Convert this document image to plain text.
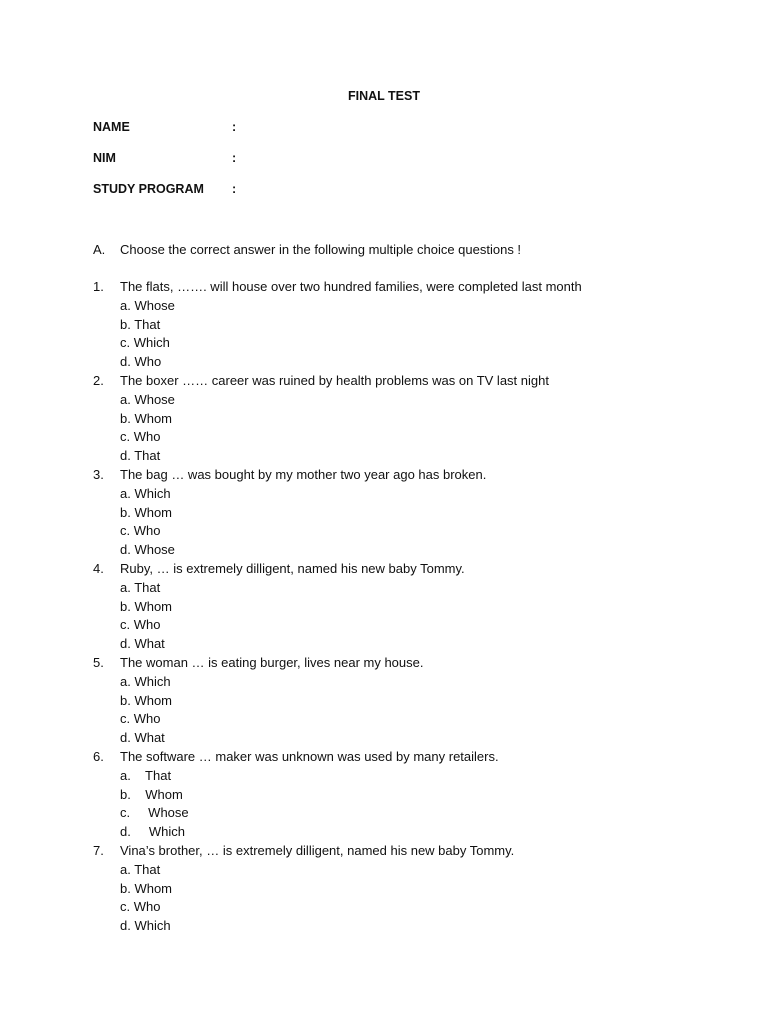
FINAL TEST
NAME	:
NIM	:
STUDY PROGRAM :
A. Choose the correct answer in the following multiple choice questions !
1. The flats, ……. will house over two hundred families, were completed last month
a. Whose
b. That
c. Which
d. Who
2. The boxer …… career was ruined by health problems was on TV last night
a. Whose
b. Whom
c. Who
d. That
3. The bag … was bought by my mother two year ago has broken.
a. Which
b. Whom
c. Who
d. Whose
4. Ruby, … is extremely dilligent, named his new baby Tommy.
a. That
b. Whom
c. Who
d. What
5. The woman … is eating burger, lives near my house.
a. Which
b. Whom
c. Who
d. What
6. The software … maker was unknown was used by many retailers.
a.    That
b.    Whom
c.     Whose
d.     Which
7. Vina’s brother, … is extremely dilligent, named his new baby Tommy.
a. That
b. Whom
c. Who
d. Which
